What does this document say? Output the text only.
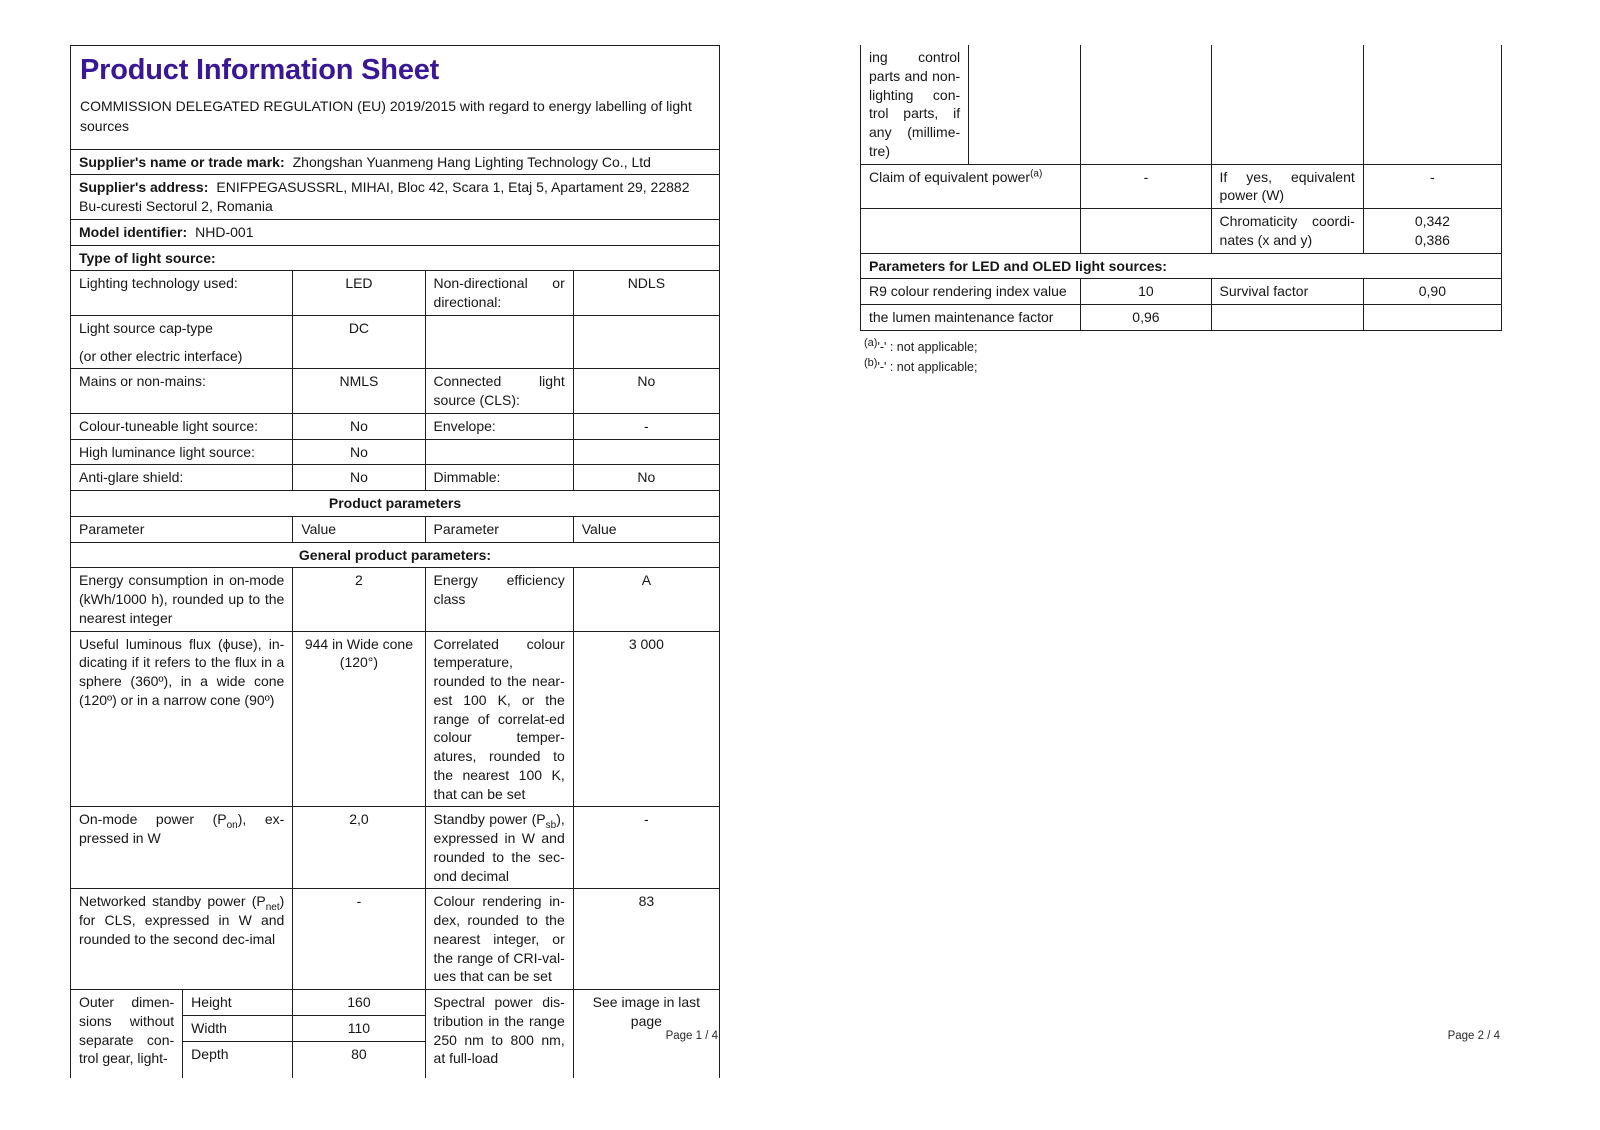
Product Information Sheet
COMMISSION DELEGATED REGULATION (EU) 2019/2015 with regard to energy labelling of light sources				

Supplier's name or trade mark: Zhongshan Yuanmeng Hang Lighting Technology Co., Ltd				
Supplier's address: ENIFPEGASUSSRL, MIHAI, Bloc 42, Scara 1, Etaj 5, Apartament 29, 22882 Bu-curesti Sectorul 2, Romania				
Model identifier: NHD-001				
Type of light source:				
Lighting technology used:		LED	Non-directional or directional:	NDLS

Light source cap-type
(or other electric interface)		DC		
Mains or non-mains:		NMLS	Connected light source (CLS):	No
Colour-tuneable light source:		No	Envelope:	-
High luminance light source:		No		
Anti-glare shield:		No	Dimmable:	No
Product parameters				
Parameter		Value	Parameter	Value
General product parameters:				
Energy consumption in on-mode (kWh/1000 h), rounded up to the nearest integer		2	Energy efficiency class	A
Useful luminous flux (ϕuse), in-dicating if it refers to the flux in a sphere (360º), in a wide cone (120º) or in a narrow cone (90º)		944 in Wide cone (120°)	Correlated colour temperature, rounded to the near-est 100 K, or the range of correlat-ed colour temper-atures, rounded to the nearest 100 K, that can be set	3 000
On-mode power $(P_{on})$, ex-pressed in W		2,0	Standby power $(P_{sb})$, expressed in W and rounded to the sec-ond decimal	-
Networked standby power $(P_{net})$ for CLS, expressed in W and rounded to the second dec-imal		-	Colour rendering in-dex, rounded to the nearest integer, or the range of CRI-val-ues that can be set	83
Outer dimen-sions without separate con-trol gear, light-	Height	160	Spectral power dis-tribution in the range 250 nm to 800 nm, at full-load	See image in last page
	Width	110		
	Depth	80		
ing control parts and non-lighting con-trol parts, if any (millime-tre)				
Claim of equivalent power$^{(a)}$		-	If yes, equivalent power (W)	-
			Chromaticity coordi-nates (x and y)	0,342
0,386

Parameters for LED and OLED light sources:				
R9 colour rendering index value		10	Survival factor	0,90
the lumen maintenance factor		0,96		
$^{(a)}$'-' : not applicable;
$^{(b)}$'-' : not applicable;
Page 1 / 4	Page 2 / 4
